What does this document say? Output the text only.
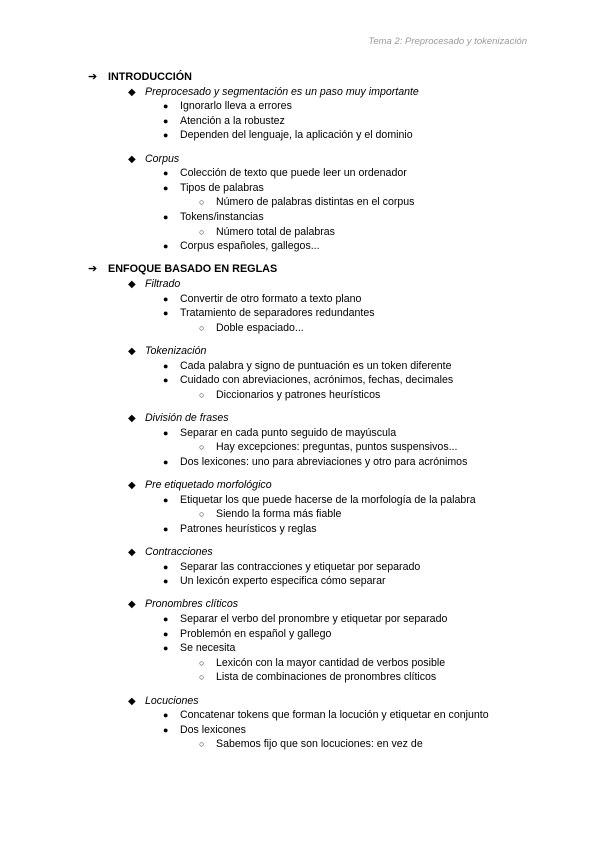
Tema 2: Preprocesado y tokenización
➔ INTRODUCCIÓN
◆ Preprocesado y segmentación es un paso muy importante
● Ignorarlo lleva a errores
● Atención a la robustez
● Dependen del lenguaje, la aplicación y el dominio
◆ Corpus
● Colección de texto que puede leer un ordenador
● Tipos de palabras
○ Número de palabras distintas en el corpus
● Tokens/instancias
○ Número total de palabras
● Corpus españoles, gallegos...
➔ ENFOQUE BASADO EN REGLAS
◆ Filtrado
● Convertir de otro formato a texto plano
● Tratamiento de separadores redundantes
○ Doble espaciado...
◆ Tokenización
● Cada palabra y signo de puntuación es un token diferente
● Cuidado con abreviaciones, acrónimos, fechas, decimales
○ Diccionarios y patrones heurísticos
◆ División de frases
● Separar en cada punto seguido de mayúscula
○ Hay excepciones: preguntas, puntos suspensivos...
● Dos lexicones: uno para abreviaciones y otro para acrónimos
◆ Pre etiquetado morfológico
● Etiquetar los que puede hacerse de la morfología de la palabra
○ Siendo la forma más fiable
● Patrones heurísticos y reglas
◆ Contracciones
● Separar las contracciones y etiquetar por separado
● Un lexicón experto especifica cómo separar
◆ Pronombres clíticos
● Separar el verbo del pronombre y etiquetar por separado
● Problemón en español y gallego
● Se necesita
○ Lexicón con la mayor cantidad de verbos posible
○ Lista de combinaciones de pronombres clíticos
◆ Locuciones
● Concatenar tokens que forman la locución y etiquetar en conjunto
● Dos lexicones
○ Sabemos fijo que son locuciones: en vez de
